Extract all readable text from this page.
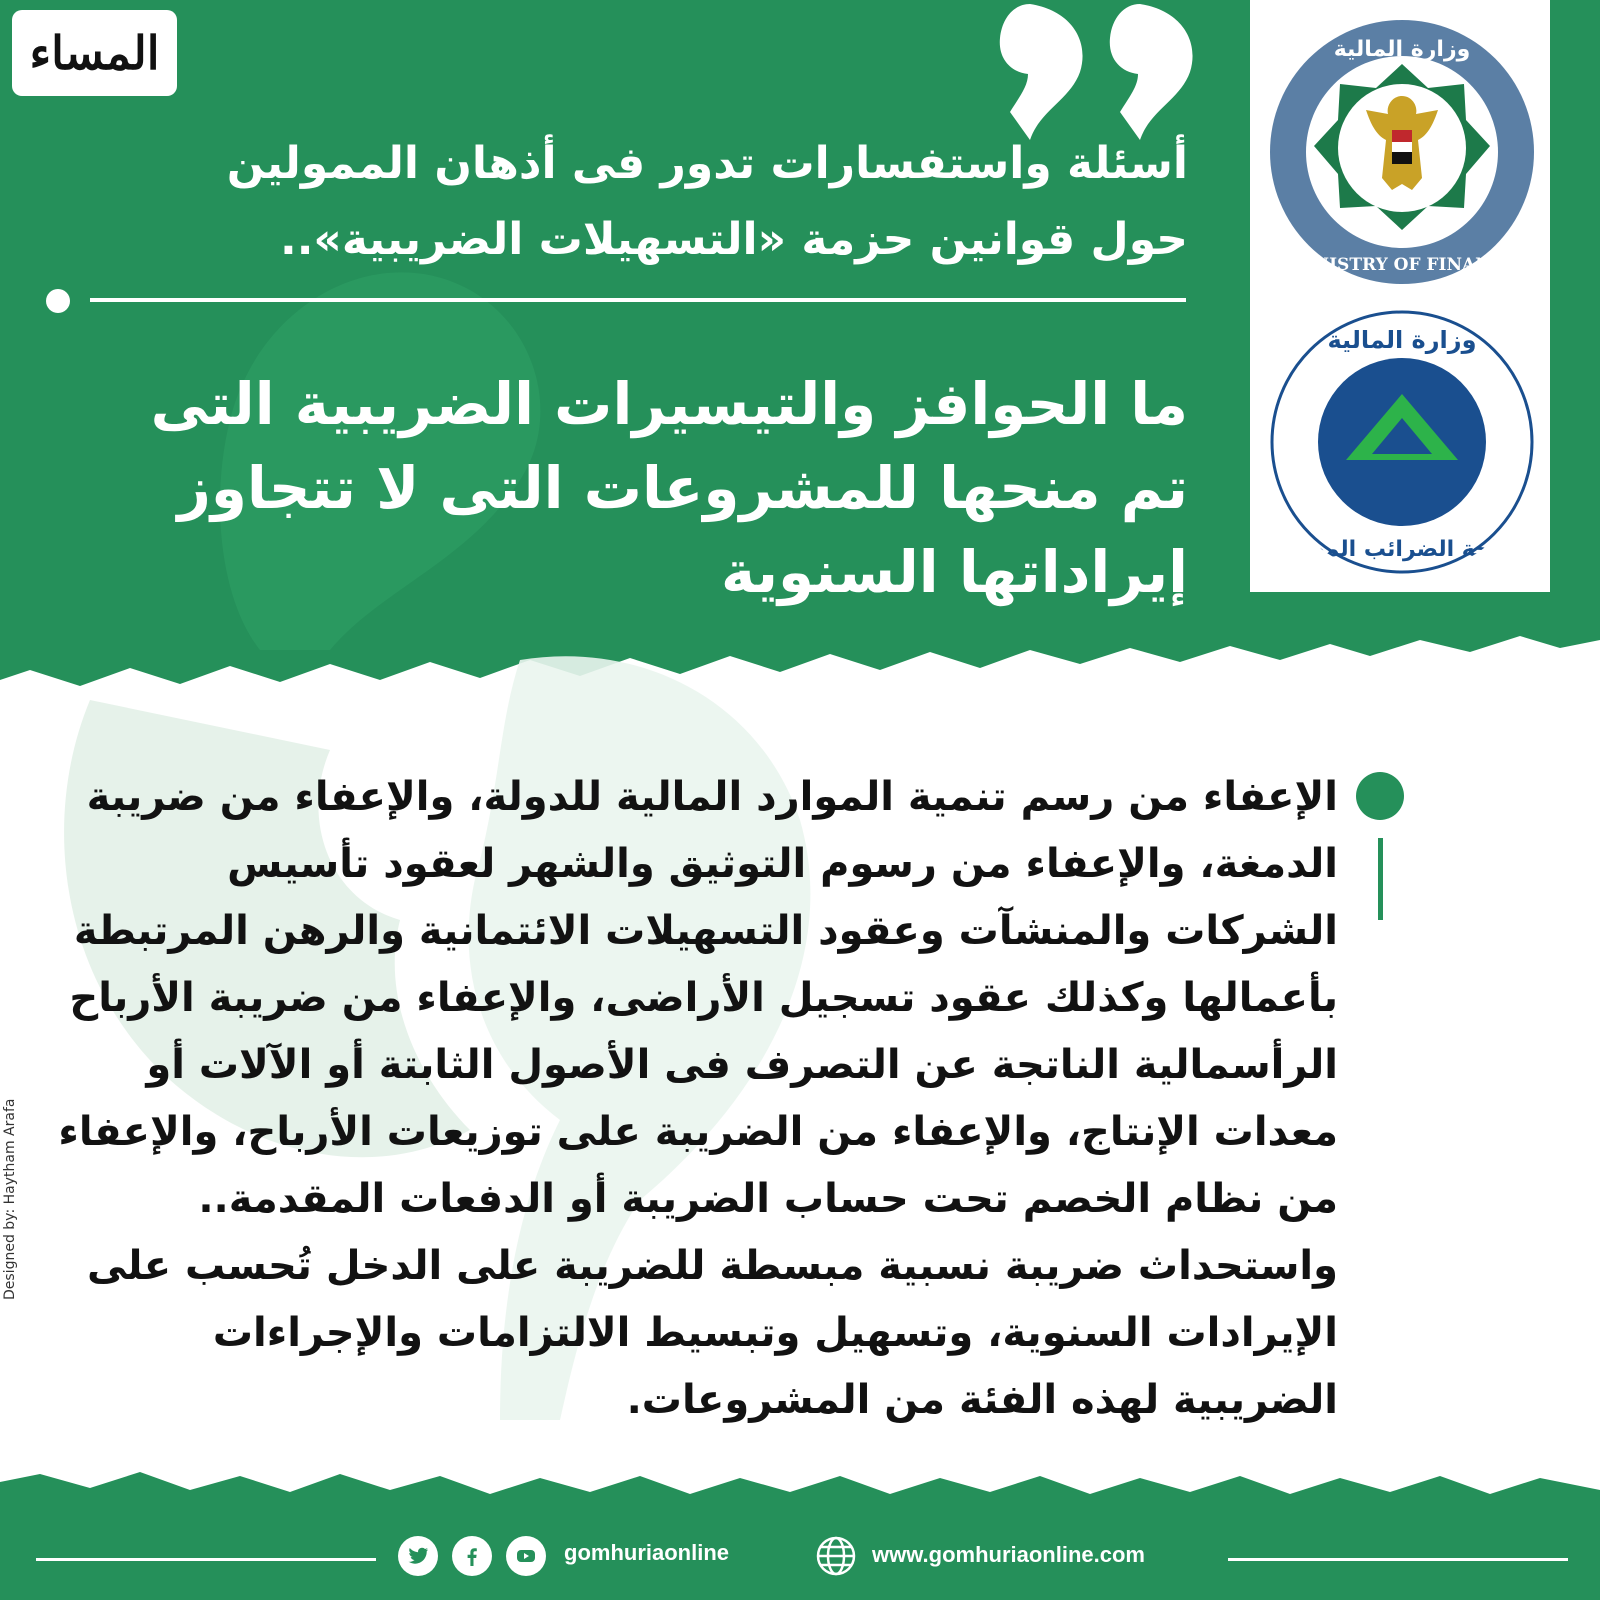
المساء	وزارة المالية
MINISTRY OF FINANCE
وزارة المالية
مصلحة الضرائب المصرية
أسئلة واستفسارات تدور فى أذهان الممولين حول قوانين حزمة «التسهيلات الضريبية»..
ما الحوافز والتيسيرات الضريبية التى تم منحها للمشروعات التى لا تتجاوز إيراداتها السنوية
الإعفاء من رسم تنمية الموارد المالية للدولة، والإعفاء من ضريبة الدمغة، والإعفاء من رسوم التوثيق والشهر لعقود تأسيس الشركات والمنشآت وعقود التسهيلات الائتمانية والرهن المرتبطة بأعمالها وكذلك عقود تسجيل الأراضى، والإعفاء من ضريبة الأرباح الرأسمالية الناتجة عن التصرف فى الأصول الثابتة أو الآلات أو معدات الإنتاج، والإعفاء من الضريبة على توزيعات الأرباح، والإعفاء من نظام الخصم تحت حساب الضريبة أو الدفعات المقدمة.. واستحداث ضريبة نسبية مبسطة للضريبة على الدخل تُحسب على الإيرادات السنوية، وتسهيل وتبسيط الالتزامات والإجراءات الضريبية لهذه الفئة من المشروعات.
Designed by: Haytham Arafa
gomhuriaonline	www.gomhuriaonline.com
